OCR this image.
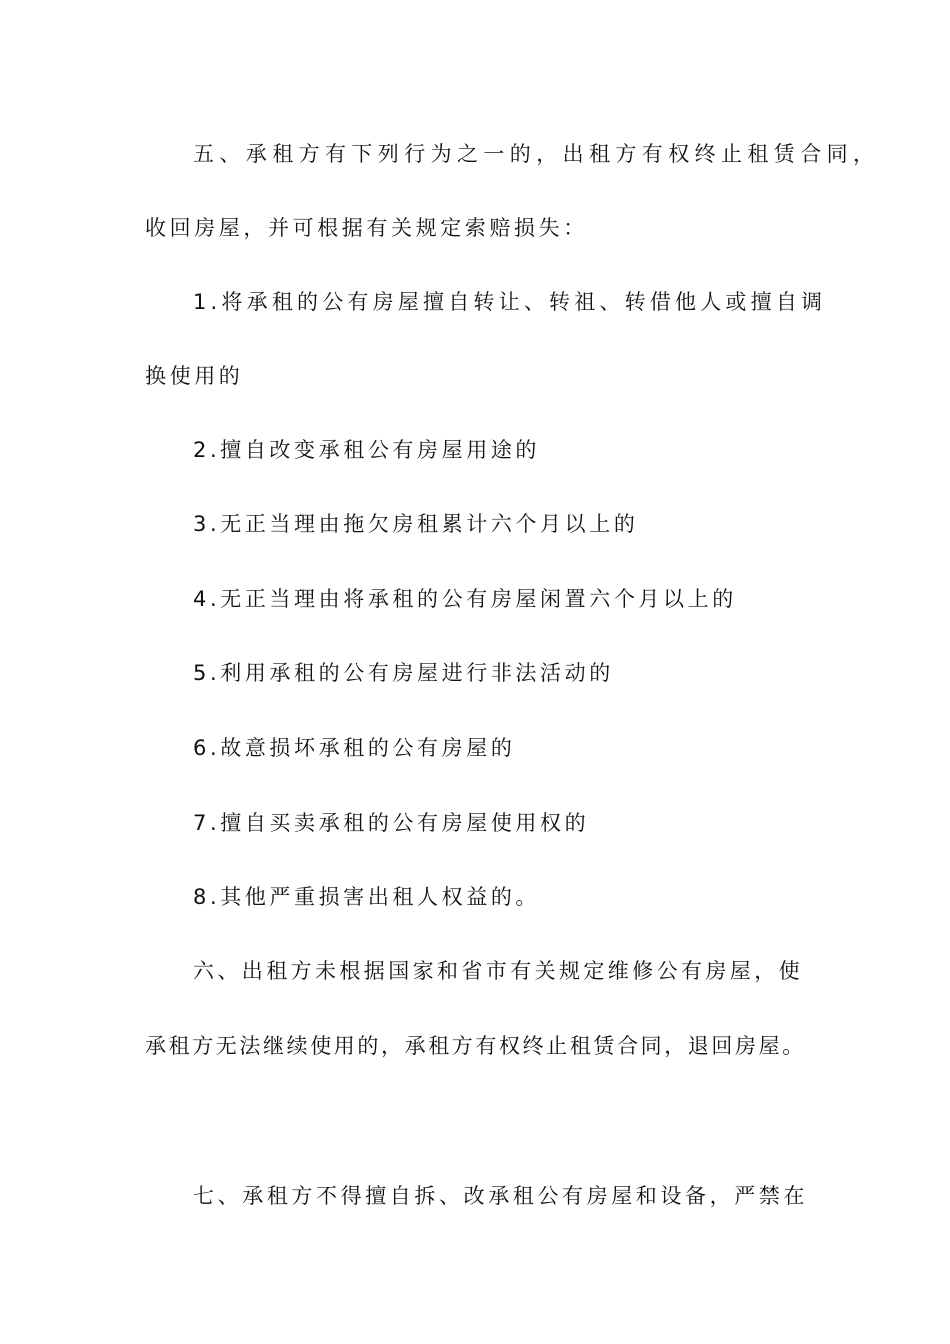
五、承租方有下列行为之一的，出租方有权终止租赁合同，
收回房屋，并可根据有关规定索赔损失：
1.将承租的公有房屋擅自转让、转祖、转借他人或擅自调
换使用的
2.擅自改变承租公有房屋用途的
3.无正当理由拖欠房租累计六个月以上的
4.无正当理由将承租的公有房屋闲置六个月以上的
5.利用承租的公有房屋进行非法活动的
6.故意损坏承租的公有房屋的
7.擅自买卖承租的公有房屋使用权的
8.其他严重损害出租人权益的。
六、出租方未根据国家和省市有关规定维修公有房屋，使
承租方无法继续使用的，承租方有权终止租赁合同，退回房屋。
七、承租方不得擅自拆、改承租公有房屋和设备，严禁在
